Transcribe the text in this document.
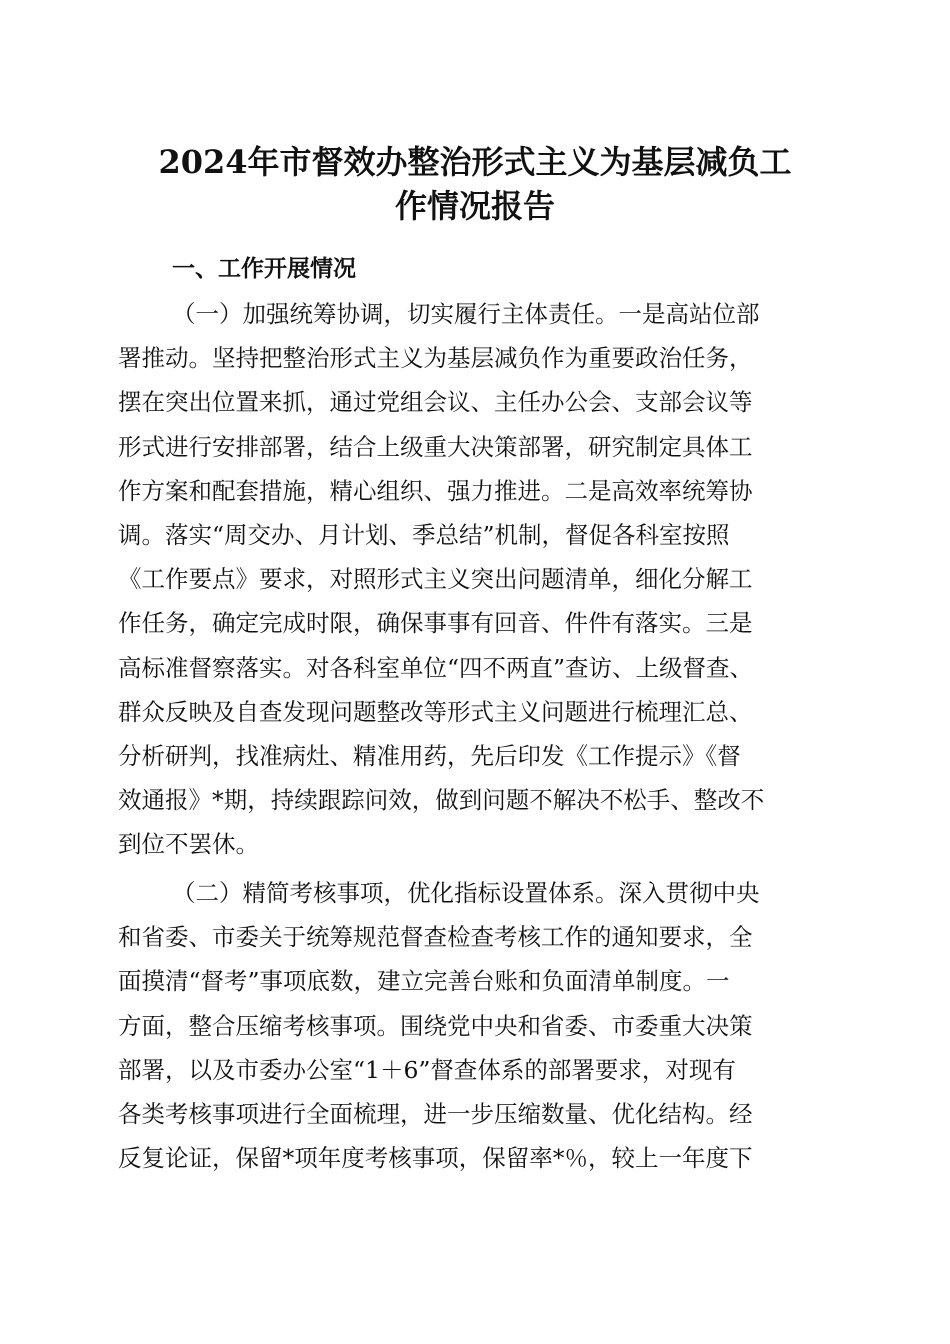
2024年市督效办整治形式主义为基层减负工
作情况报告
一、工作开展情况
（一）加强统筹协调，切实履行主体责任。一是高站位部
署推动。坚持把整治形式主义为基层减负作为重要政治任务，
摆在突出位置来抓，通过党组会议、主任办公会、支部会议等
形式进行安排部署，结合上级重大决策部署，研究制定具体工
作方案和配套措施，精心组织、强力推进。二是高效率统筹协
调。落实“周交办、月计划、季总结”机制，督促各科室按照
《工作要点》要求，对照形式主义突出问题清单，细化分解工
作任务，确定完成时限，确保事事有回音、件件有落实。三是
高标准督察落实。对各科室单位“四不两直”查访、上级督查、
群众反映及自查发现问题整改等形式主义问题进行梳理汇总、
分析研判，找准病灶、精准用药，先后印发《工作提示》《督
效通报》*期，持续跟踪问效，做到问题不解决不松手、整改不
到位不罢休。
（二）精简考核事项，优化指标设置体系。深入贯彻中央
和省委、市委关于统筹规范督查检查考核工作的通知要求，全
面摸清“督考”事项底数，建立完善台账和负面清单制度。一
方面，整合压缩考核事项。围绕党中央和省委、市委重大决策
部署，以及市委办公室“1＋6”督查体系的部署要求，对现有
各类考核事项进行全面梳理，进一步压缩数量、优化结构。经
反复论证，保留*项年度考核事项，保留率*％，较上一年度下
